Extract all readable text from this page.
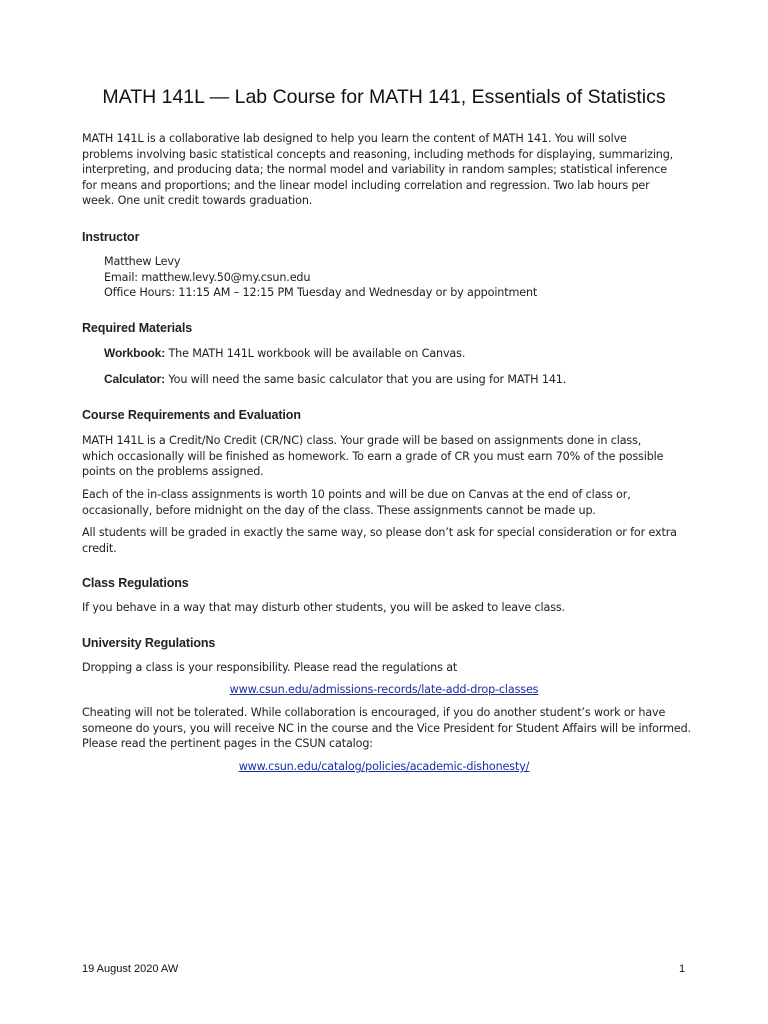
MATH 141L — Lab Course for MATH 141, Essentials of Statistics
MATH 141L is a collaborative lab designed to help you learn the content of MATH 141. You will solve
problems involving basic statistical concepts and reasoning, including methods for displaying, summarizing,
interpreting, and producing data; the normal model and variability in random samples; statistical inference
for means and proportions; and the linear model including correlation and regression. Two lab hours per
week. One unit credit towards graduation.
Instructor
Matthew Levy
Email: matthew.levy.50@my.csun.edu
Office Hours: 11:15 AM – 12:15 PM Tuesday and Wednesday or by appointment
Required Materials
Workbook: The MATH 141L workbook will be available on Canvas.
Calculator: You will need the same basic calculator that you are using for MATH 141.
Course Requirements and Evaluation
MATH 141L is a Credit/No Credit (CR/NC) class. Your grade will be based on assignments done in class,
which occasionally will be finished as homework. To earn a grade of CR you must earn 70% of the possible
points on the problems assigned.
Each of the in-class assignments is worth 10 points and will be due on Canvas at the end of class or,
occasionally, before midnight on the day of the class. These assignments cannot be made up.
All students will be graded in exactly the same way, so please don’t ask for special consideration or for extra
credit.
Class Regulations
If you behave in a way that may disturb other students, you will be asked to leave class.
University Regulations
Dropping a class is your responsibility. Please read the regulations at
www.csun.edu/admissions-records/late-add-drop-classes
Cheating will not be tolerated. While collaboration is encouraged, if you do another student’s work or have
someone do yours, you will receive NC in the course and the Vice President for Student Affairs will be informed.
Please read the pertinent pages in the CSUN catalog:
www.csun.edu/catalog/policies/academic-dishonesty/
19 August 2020 AW	1
